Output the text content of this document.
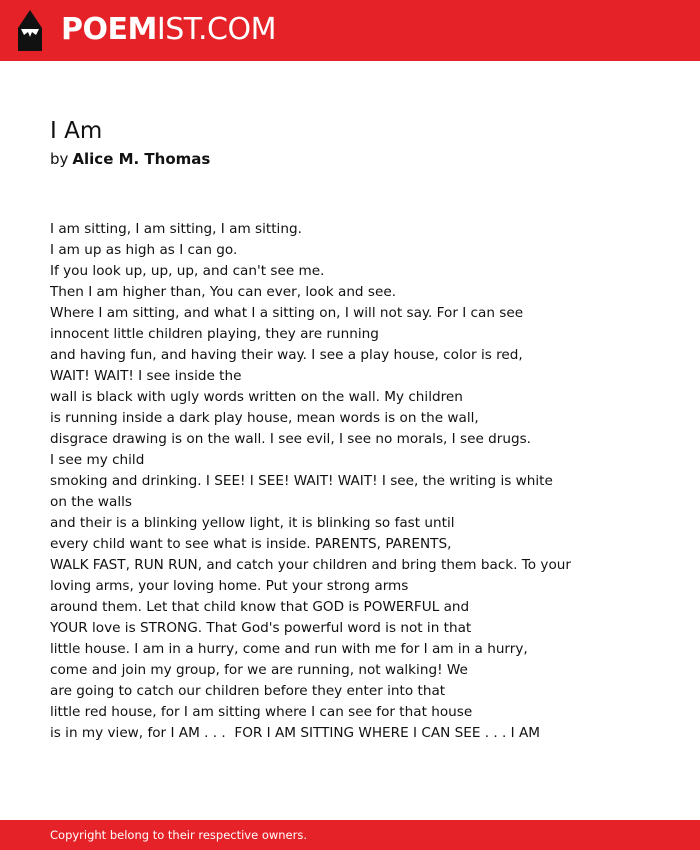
POEMIST.COM
I Am
by Alice M. Thomas
I am sitting, I am sitting, I am sitting.
I am up as high as I can go.
If you look up, up, up, and can't see me.
Then I am higher than, You can ever, look and see.
Where I am sitting, and what I a sitting on, I will not say. For I can see
innocent little children playing, they are running
and having fun, and having their way. I see a play house, color is red,
WAIT! WAIT! I see inside the
wall is black with ugly words written on the wall. My children
is running inside a dark play house, mean words is on the wall,
disgrace drawing is on the wall. I see evil, I see no morals, I see drugs.
I see my child
smoking and drinking. I SEE! I SEE! WAIT! WAIT! I see, the writing is white
on the walls
and their is a blinking yellow light, it is blinking so fast until
every child want to see what is inside. PARENTS, PARENTS,
WALK FAST, RUN RUN, and catch your children and bring them back. To your
loving arms, your loving home. Put your strong arms
around them. Let that child know that GOD is POWERFUL and
YOUR love is STRONG. That God's powerful word is not in that
little house. I am in a hurry, come and run with me for I am in a hurry,
come and join my group, for we are running, not walking! We
are going to catch our children before they enter into that
little red house, for I am sitting where I can see for that house
is in my view, for I AM . . .  FOR I AM SITTING WHERE I CAN SEE . . . I AM
Copyright belong to their respective owners.
